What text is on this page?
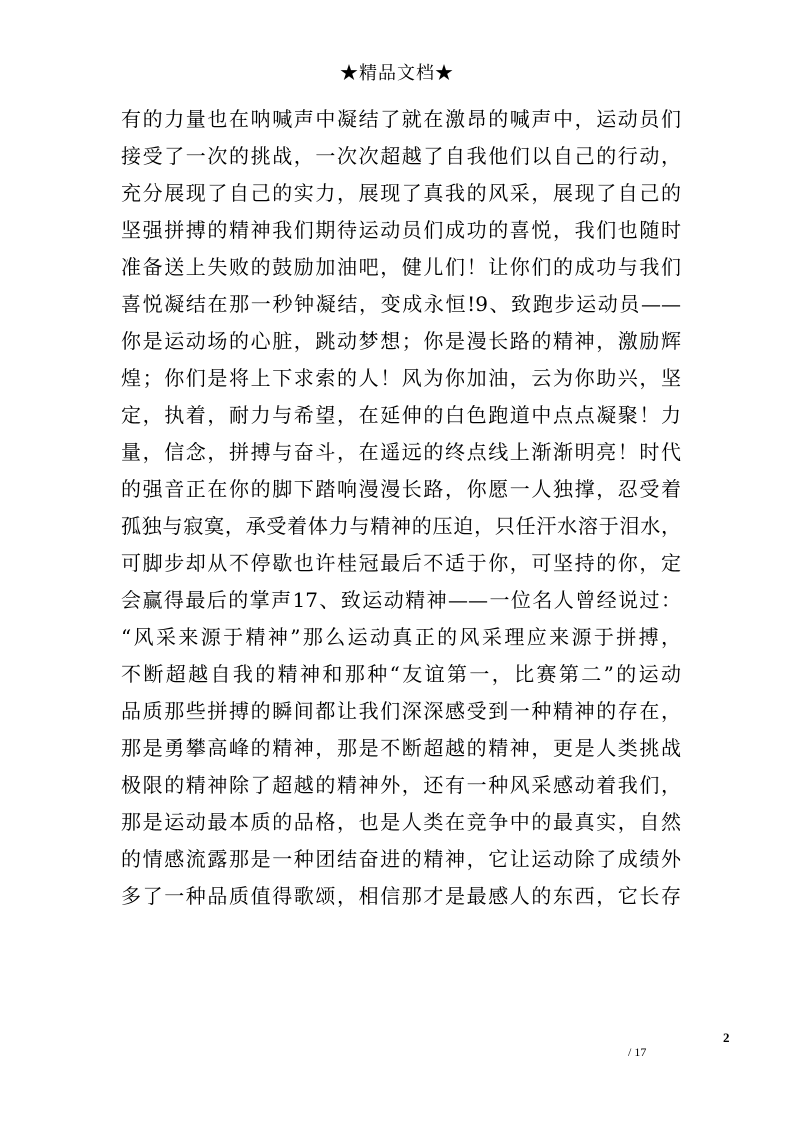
★精品文档★
有的力量也在呐喊声中凝结了就在激昂的喊声中，运动员们
接受了一次的挑战，一次次超越了自我他们以自己的行动，
充分展现了自己的实力，展现了真我的风采，展现了自己的
坚强拼搏的精神我们期待运动员们成功的喜悦，我们也随时
准备送上失败的鼓励加油吧，健儿们！让你们的成功与我们
喜悦凝结在那一秒钟凝结，变成永恒!9、致跑步运动员——
你是运动场的心脏，跳动梦想；你是漫长路的精神，激励辉
煌；你们是将上下求索的人！风为你加油，云为你助兴，坚
定，执着，耐力与希望，在延伸的白色跑道中点点凝聚！力
量，信念，拼搏与奋斗，在遥远的终点线上渐渐明亮！时代
的强音正在你的脚下踏响漫漫长路，你愿一人独撑，忍受着
孤独与寂寞，承受着体力与精神的压迫，只任汗水溶于泪水，
可脚步却从不停歇也许桂冠最后不适于你，可坚持的你，定
会赢得最后的掌声17、致运动精神——一位名人曾经说过：
“风采来源于精神”那么运动真正的风采理应来源于拼搏，
不断超越自我的精神和那种“友谊第一，比赛第二”的运动
品质那些拼搏的瞬间都让我们深深感受到一种精神的存在，
那是勇攀高峰的精神，那是不断超越的精神，更是人类挑战
极限的精神除了超越的精神外，还有一种风采感动着我们，
那是运动最本质的品格，也是人类在竞争中的最真实，自然
的情感流露那是一种团结奋进的精神，它让运动除了成绩外
多了一种品质值得歌颂，相信那才是最感人的东西，它长存
2
/ 17
